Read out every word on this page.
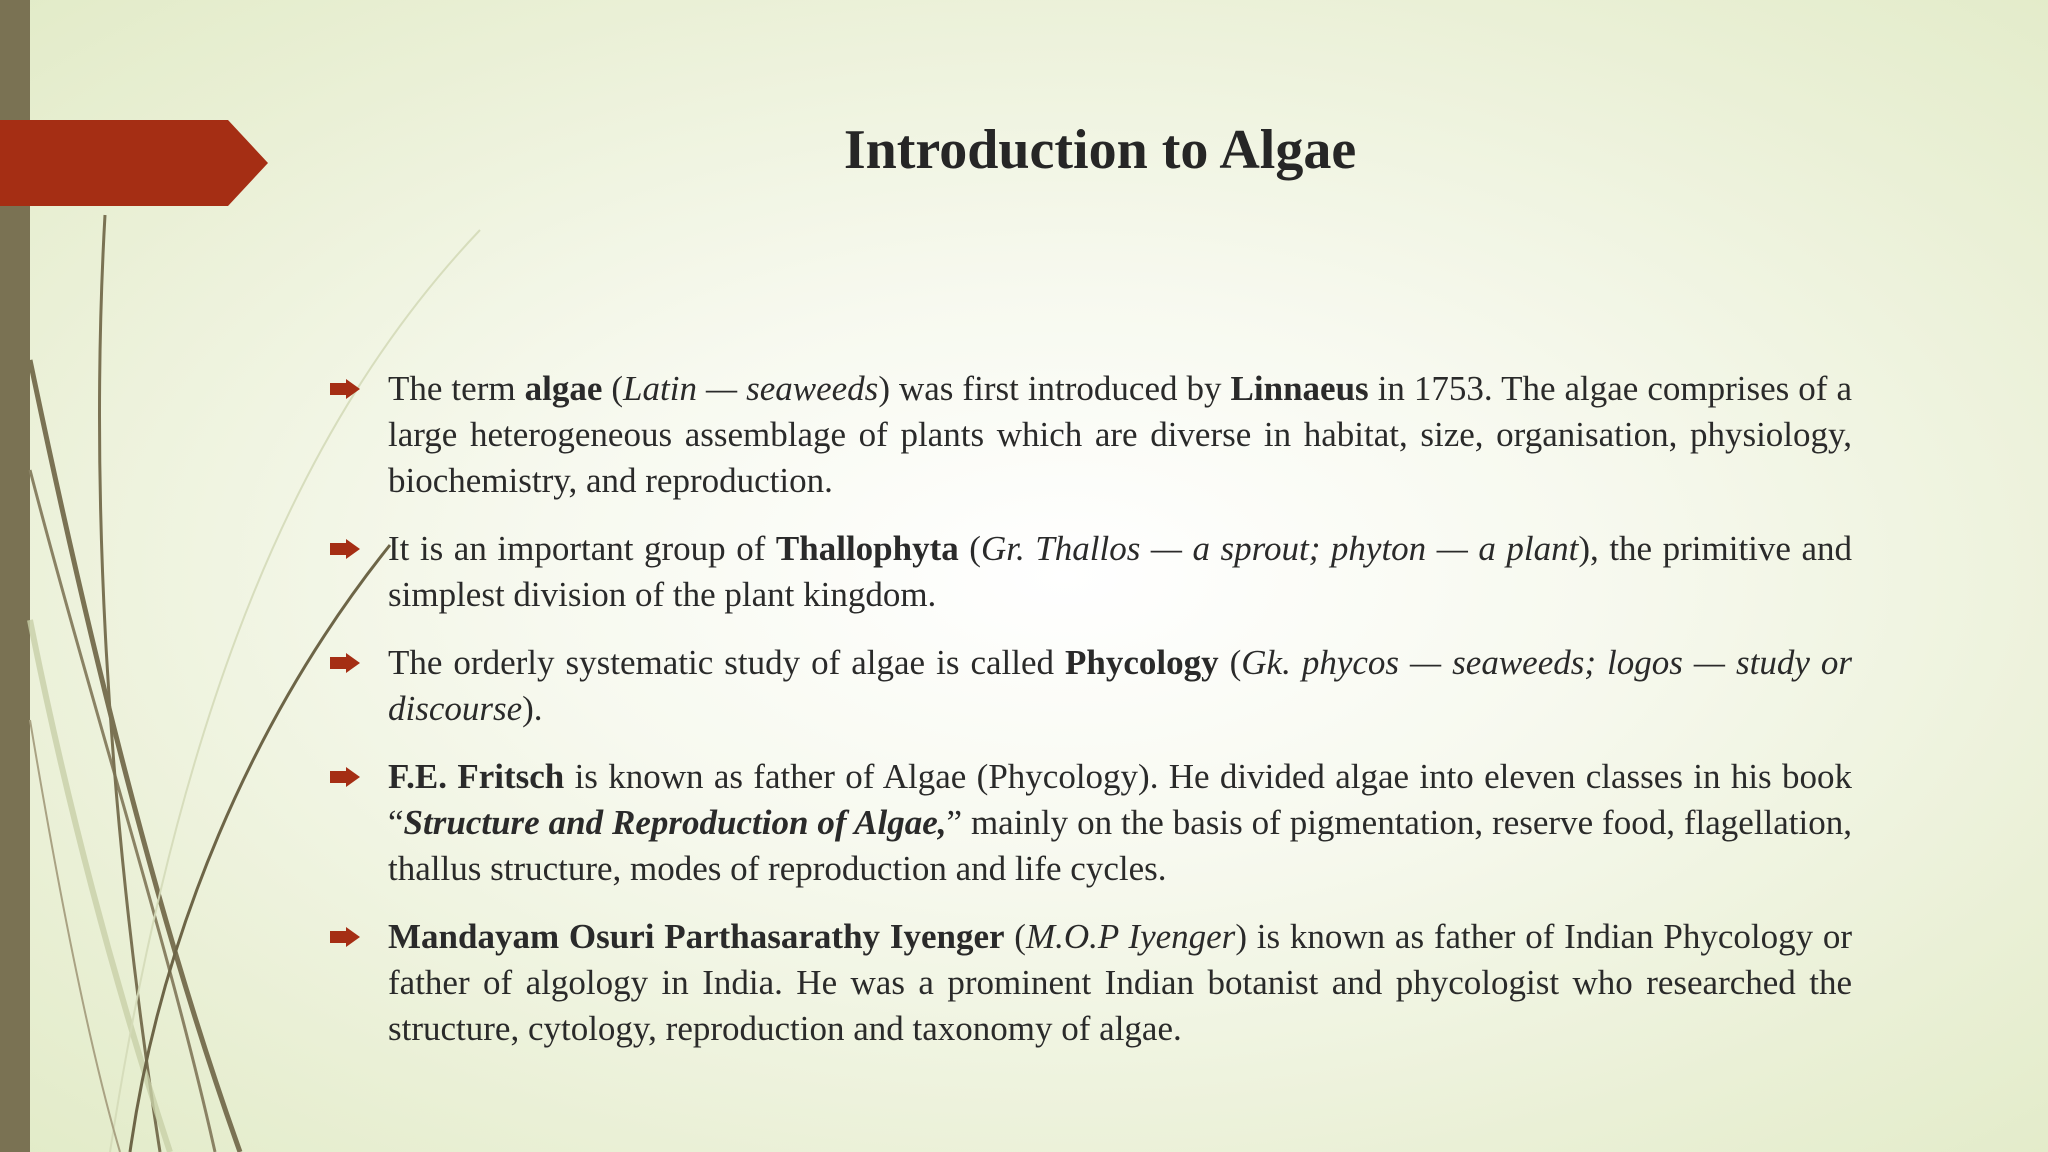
Introduction to Algae
The term algae (Latin — seaweeds) was first introduced by Linnaeus in 1753. The algae comprises of a large heterogeneous assemblage of plants which are diverse in habitat, size, organisation, physiology, biochemistry, and reproduction.
It is an important group of Thallophyta (Gr. Thallos — a sprout; phyton — a plant), the primitive and simplest division of the plant kingdom.
The orderly systematic study of algae is called Phycology (Gk. phycos — seaweeds; logos — study or discourse).
F.E. Fritsch is known as father of Algae (Phycology). He divided algae into eleven classes in his book “Structure and Reproduction of Algae,” mainly on the basis of pigmentation, reserve food, flagellation, thallus structure, modes of reproduction and life cycles.
Mandayam Osuri Parthasarathy Iyenger (M.O.P Iyenger) is known as father of Indian Phycology or father of algology in India. He was a prominent Indian botanist and phycologist who researched the structure, cytology, reproduction and taxonomy of algae.
